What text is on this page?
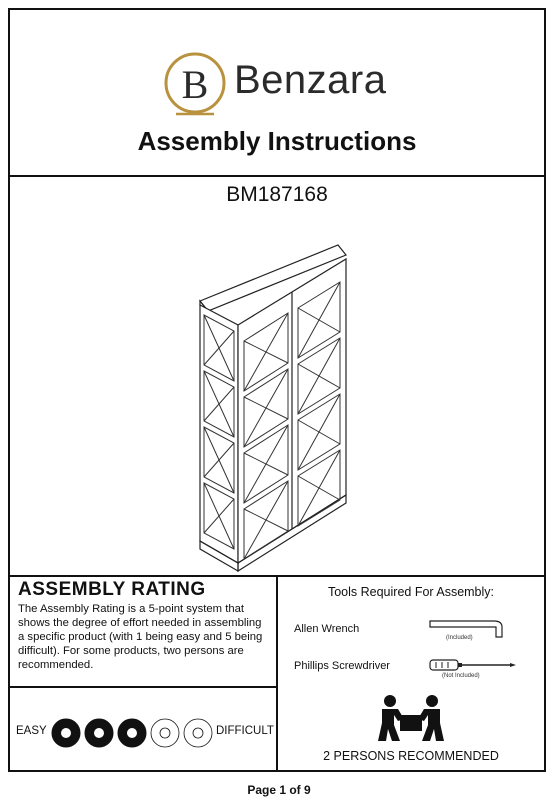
B Benzara
Assembly Instructions
BM187168
ASSEMBLY RATING

The Assembly Rating is a 5-point system that shows the degree of effort needed in assembling a specific product (with 1 being easy and 5 being difficult). For some products, two persons are recommended.

EASY	DIFFICULT
Tools Required For Assembly:
Allen Wrench
(Included)
Phillips Screwdriver
(Not Included)
2 PERSONS RECOMMENDED
Page 1 of 9
